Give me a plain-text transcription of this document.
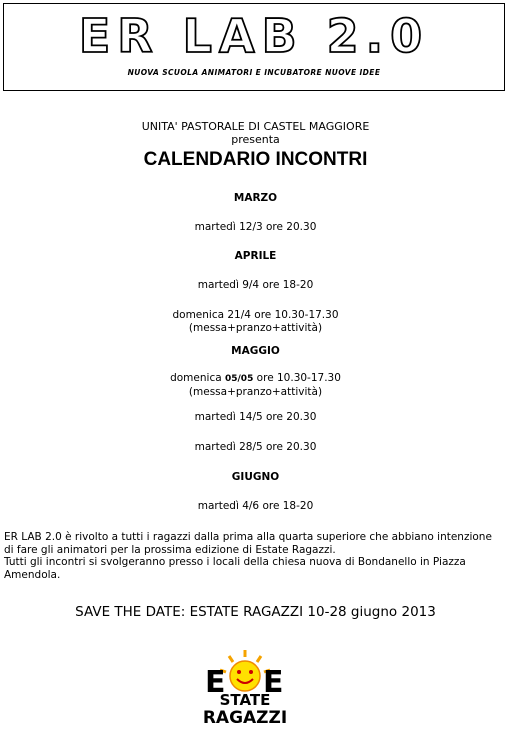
ER LAB 2.0
NUOVA SCUOLA ANIMATORI E INCUBATORE NUOVE IDEE
UNITA' PASTORALE DI CASTEL MAGGIORE
presenta
CALENDARIO INCONTRI
MARZO
martedì 12/3 ore 20.30
APRILE
martedì 9/4 ore 18-20
domenica 21/4 ore 10.30-17.30
(messa+pranzo+attività)
MAGGIO
domenica 05/05 ore 10.30-17.30
(messa+pranzo+attività)
martedì 14/5 ore 20.30
martedì 28/5 ore 20.30
GIUGNO
martedì 4/6 ore 18-20
ER LAB 2.0 è rivolto a tutti i ragazzi dalla prima alla quarta superiore che abbiano intenzione di fare gli animatori per la prossima edizione di Estate Ragazzi.
Tutti gli incontri si svolgeranno presso i locali della chiesa nuova di Bondanello in Piazza Amendola.
SAVE THE DATE: ESTATE RAGAZZI 10-28 giugno 2013
E E
STATE
RAGAZZI
